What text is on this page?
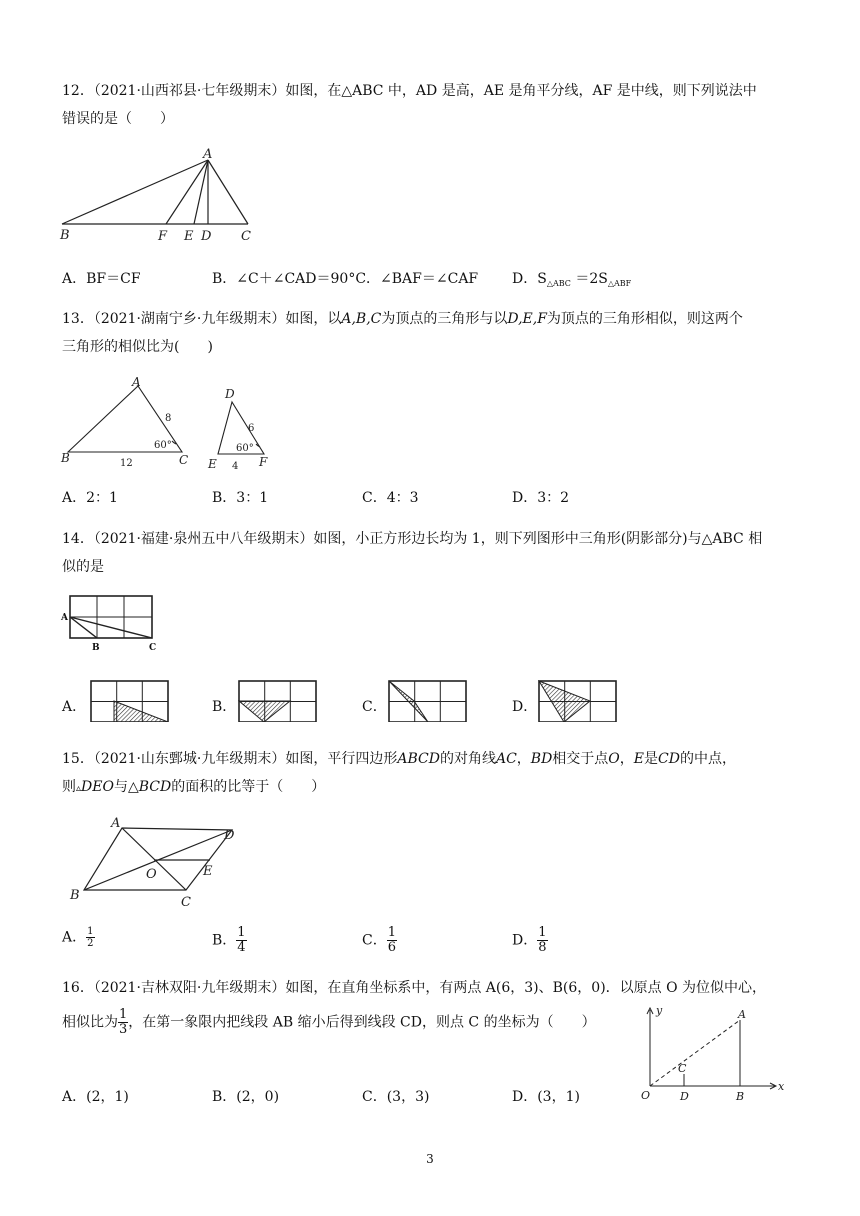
12．（2021·山西祁县·七年级期末）如图，在△ABC 中，AD 是高，AE 是角平分线，AF 是中线，则下列说法中
错误的是（　　）
A
B	F E D C
A．BF＝CF	B．∠C＋∠CAD＝90°C．∠BAF＝∠CAF D．$S_{\triangle ABC} =2S_{\triangle ABF}$
13．（2021·湖南宁乡·九年级期末）如图，以A,B,C为顶点的三角形与以D,E,F为顶点的三角形相似，则这两个
三角形的相似比为(　　)
A
B	C
8
12
60°
D
E	F
6
4
60°
A．2：1	B．3：1	C．4：3	D．3：2
14．（2021·福建·泉州五中八年级期末）如图，小正方形边长均为 1，则下列图形中三角形(阴影部分)与△ABC 相
似的是
A
B	C
A．	B．	C．	D．
15．（2021·山东鄄城·九年级期末）如图，平行四边形ABCD的对角线AC，BD相交于点O，E是CD的中点，
则▵DEO与△BCD的面积的比等于（　　）
A
D
O	E
B	C
A． $\frac{1}{2}$	B． $\frac{1}{4}$	C． $\frac{1}{6}$	D． $\frac{1}{8}$
16．（2021·吉林双阳·九年级期末）如图，在直角坐标系中，有两点 A(6，3)、B(6，0)．以原点 O 为位似中心，
相似比为 $\frac{1}{3}$ ，在第一象限内把线段 AB 缩小后得到线段 CD，则点 C 的坐标为（　　）
y
x
O
A
C
D	B
A．(2，1)	B．(2，0)	C．(3，3)	D．(3，1)
3
